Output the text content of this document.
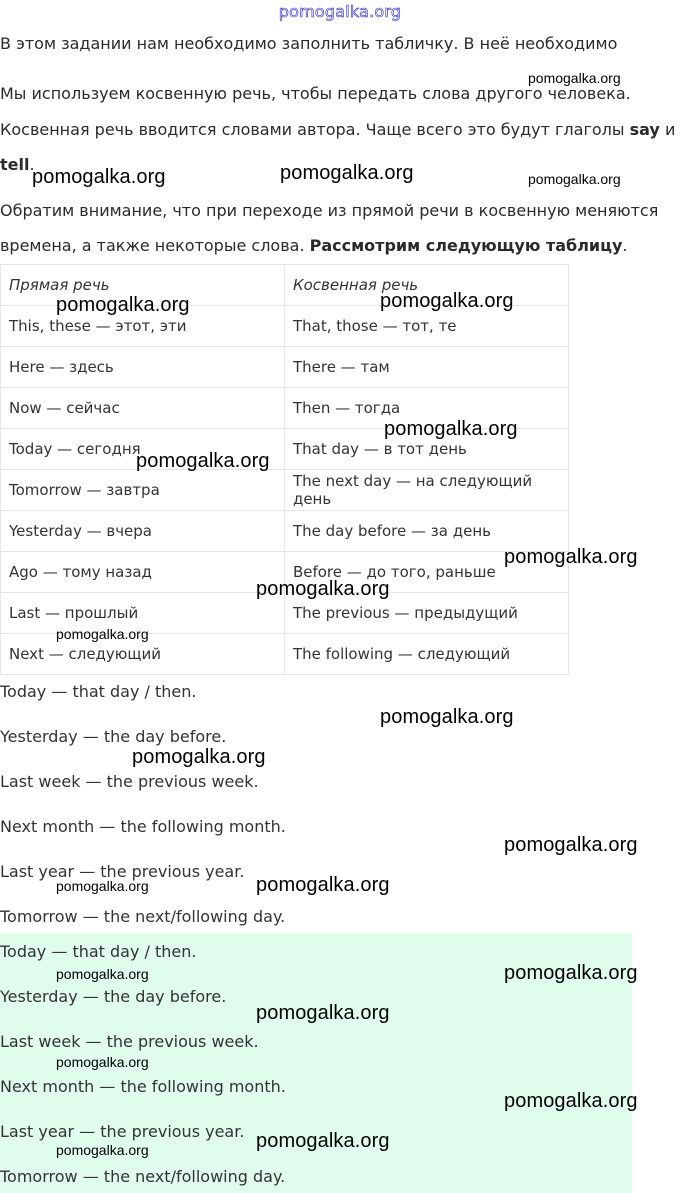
pomogalka.org
В этом задании нам необходимо заполнить табличку. В неё необходимо
Мы используем косвенную речь, чтобы передать слова другого человека.
Косвенная речь вводится словами автора. Чаще всего это будут глаголы say и
tell.
Обратим внимание, что при переходе из прямой речи в косвенную меняются
времена, а также некоторые слова. Рассмотрим следующую таблицу.
Прямая речь	Косвенная речь
This, these — этот, эти	That, those — тот, те
Here — здесь	There — там
Now — сейчас	Then — тогда
Today — сегодня	That day — в тот день
Tomorrow — завтра	The next day — на следующий день
Yesterday — вчера	The day before — за день
Ago — тому назад	Before — до того, раньше
Last — прошлый	The previous — предыдущий
Next — следующий	The following — следующий
Today — that day / then.
Yesterday — the day before.
Last week — the previous week.
Next month — the following month.
Last year — the previous year.
Tomorrow — the next/following day.
Today — that day / then.
Yesterday — the day before.
Last week — the previous week.
Next month — the following month.
Last year — the previous year.
Tomorrow — the next/following day.
pomogalka.org
pomogalka.org	pomogalka.org	pomogalka.org
pomogalka.org	pomogalka.org
pomogalka.org
pomogalka.org
pomogalka.org
pomogalka.org
pomogalka.org
pomogalka.org
pomogalka.org
pomogalka.org
pomogalka.org	pomogalka.org
pomogalka.org	pomogalka.org
pomogalka.org
pomogalka.org
pomogalka.org
pomogalka.org	pomogalka.org
